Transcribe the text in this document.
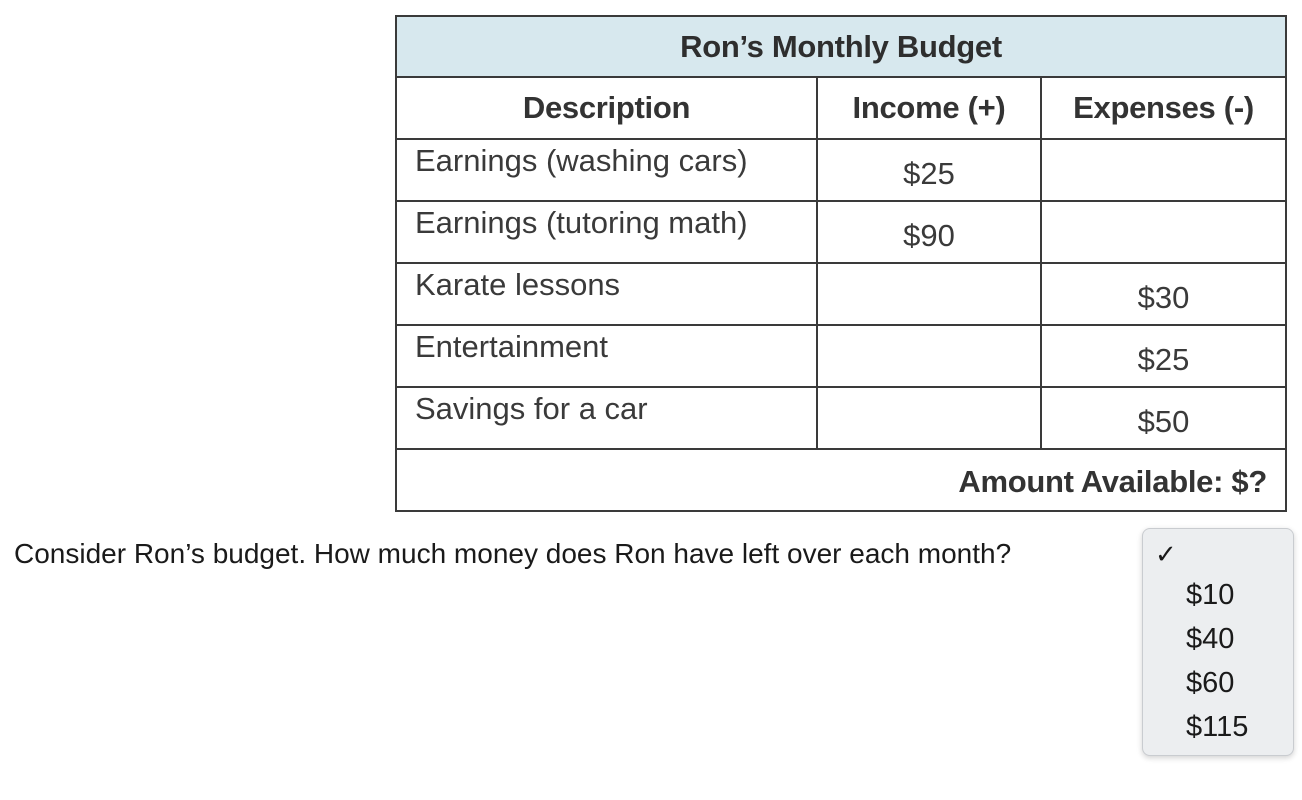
Ron’s Monthly Budget		
Description	Income (+)	Expenses (-)
Earnings (washing cars)	$25	
Earnings (tutoring math)	$90	
Karate lessons		$30
Entertainment		$25
Savings for a car		$50
Amount Available: $?		
Consider Ron’s budget. How much money does Ron have left over each month?	✓
$10
$40
$60
$115
